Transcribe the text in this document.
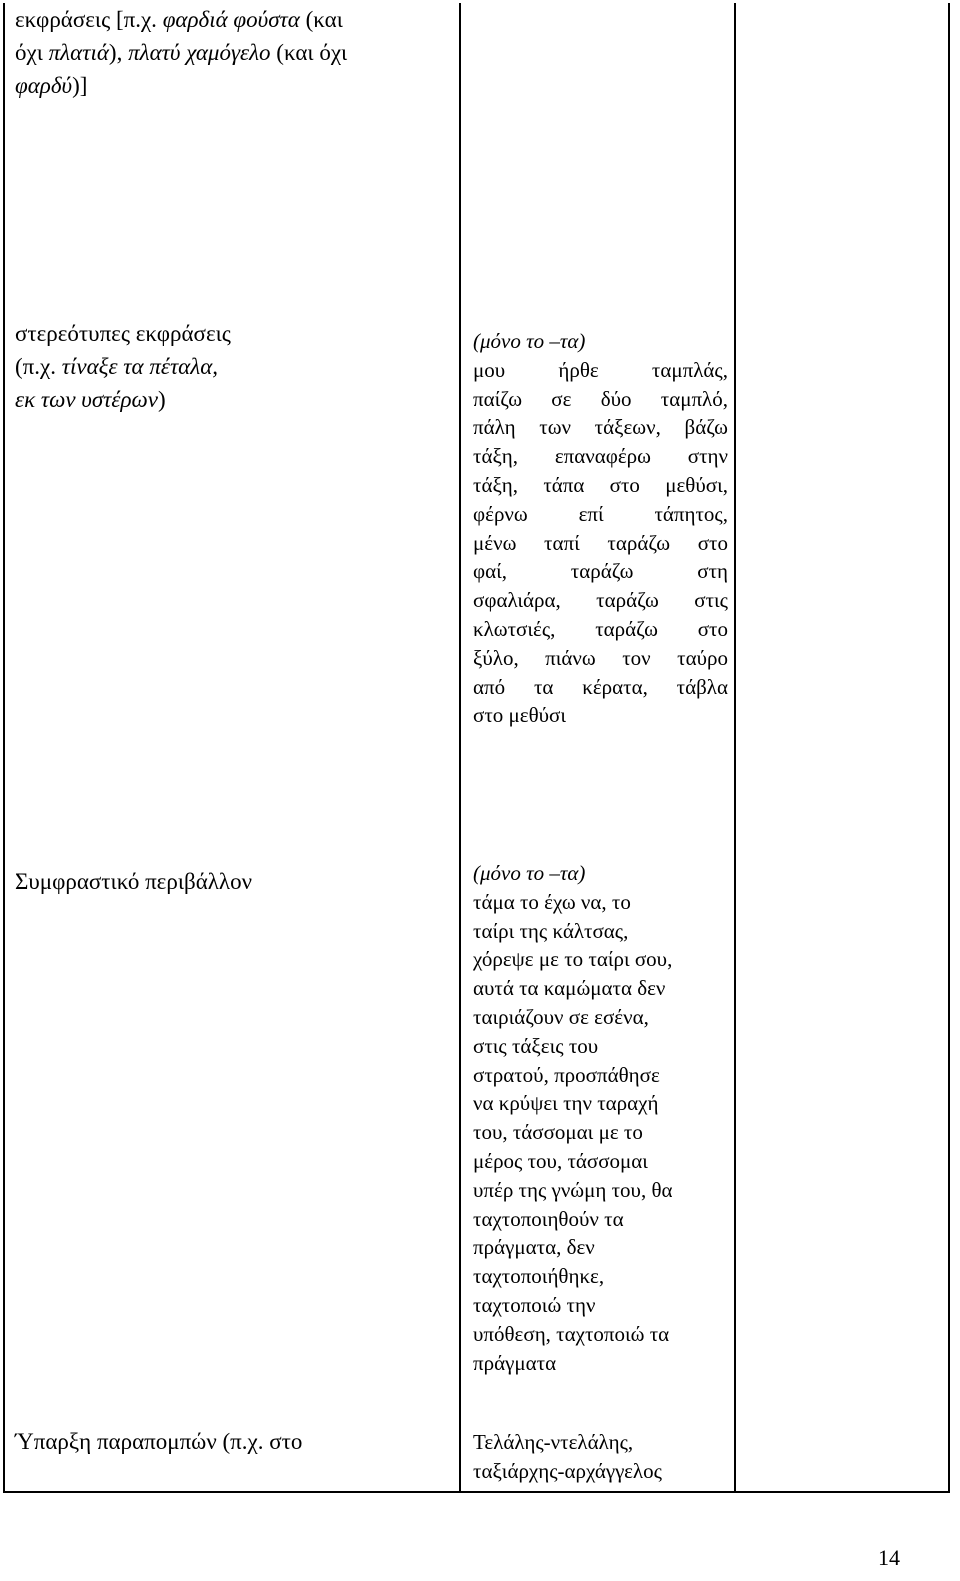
εκφράσεις [π.χ. φαρδιά φούστα (και
όχι πλατιά), πλατύ χαμόγελο (και όχι
φαρδύ)]
στερεότυπες εκφράσεις
(π.χ. τίναξε τα πέταλα,
εκ των υστέρων)
(μόνο το –τα)
μου ήρθε ταμπλάς,
παίζω σε δύο ταμπλό,
πάλη των τάξεων, βάζω
τάξη, επαναφέρω στην
τάξη, τάπα στο μεθύσι,
φέρνω επί τάπητος,
μένω ταπί ταράζω στο
φαί, ταράζω στη
σφαλιάρα, ταράζω στις
κλωτσιές, ταράζω στο
ξύλο, πιάνω τον ταύρο
από τα κέρατα, τάβλα
στο μεθύσι
Συμφραστικό περιβάλλον	(μόνο το –τα)
τάμα το έχω να, το
ταίρι της κάλτσας,
χόρεψε με το ταίρι σου,
αυτά τα καμώματα δεν
ταιριάζουν σε εσένα,
στις τάξεις του
στρατού, προσπάθησε
να κρύψει την ταραχή
του, τάσσομαι με το
μέρος του, τάσσομαι
υπέρ της γνώμη του, θα
ταχτοποιηθούν τα
πράγματα, δεν
ταχτοποιήθηκε,
ταχτοποιώ την
υπόθεση, ταχτοποιώ τα
πράγματα
Ύπαρξη παραπομπών (π.χ. στο	Τελάλης-ντελάλης,
ταξιάρχης-αρχάγγελος
14
